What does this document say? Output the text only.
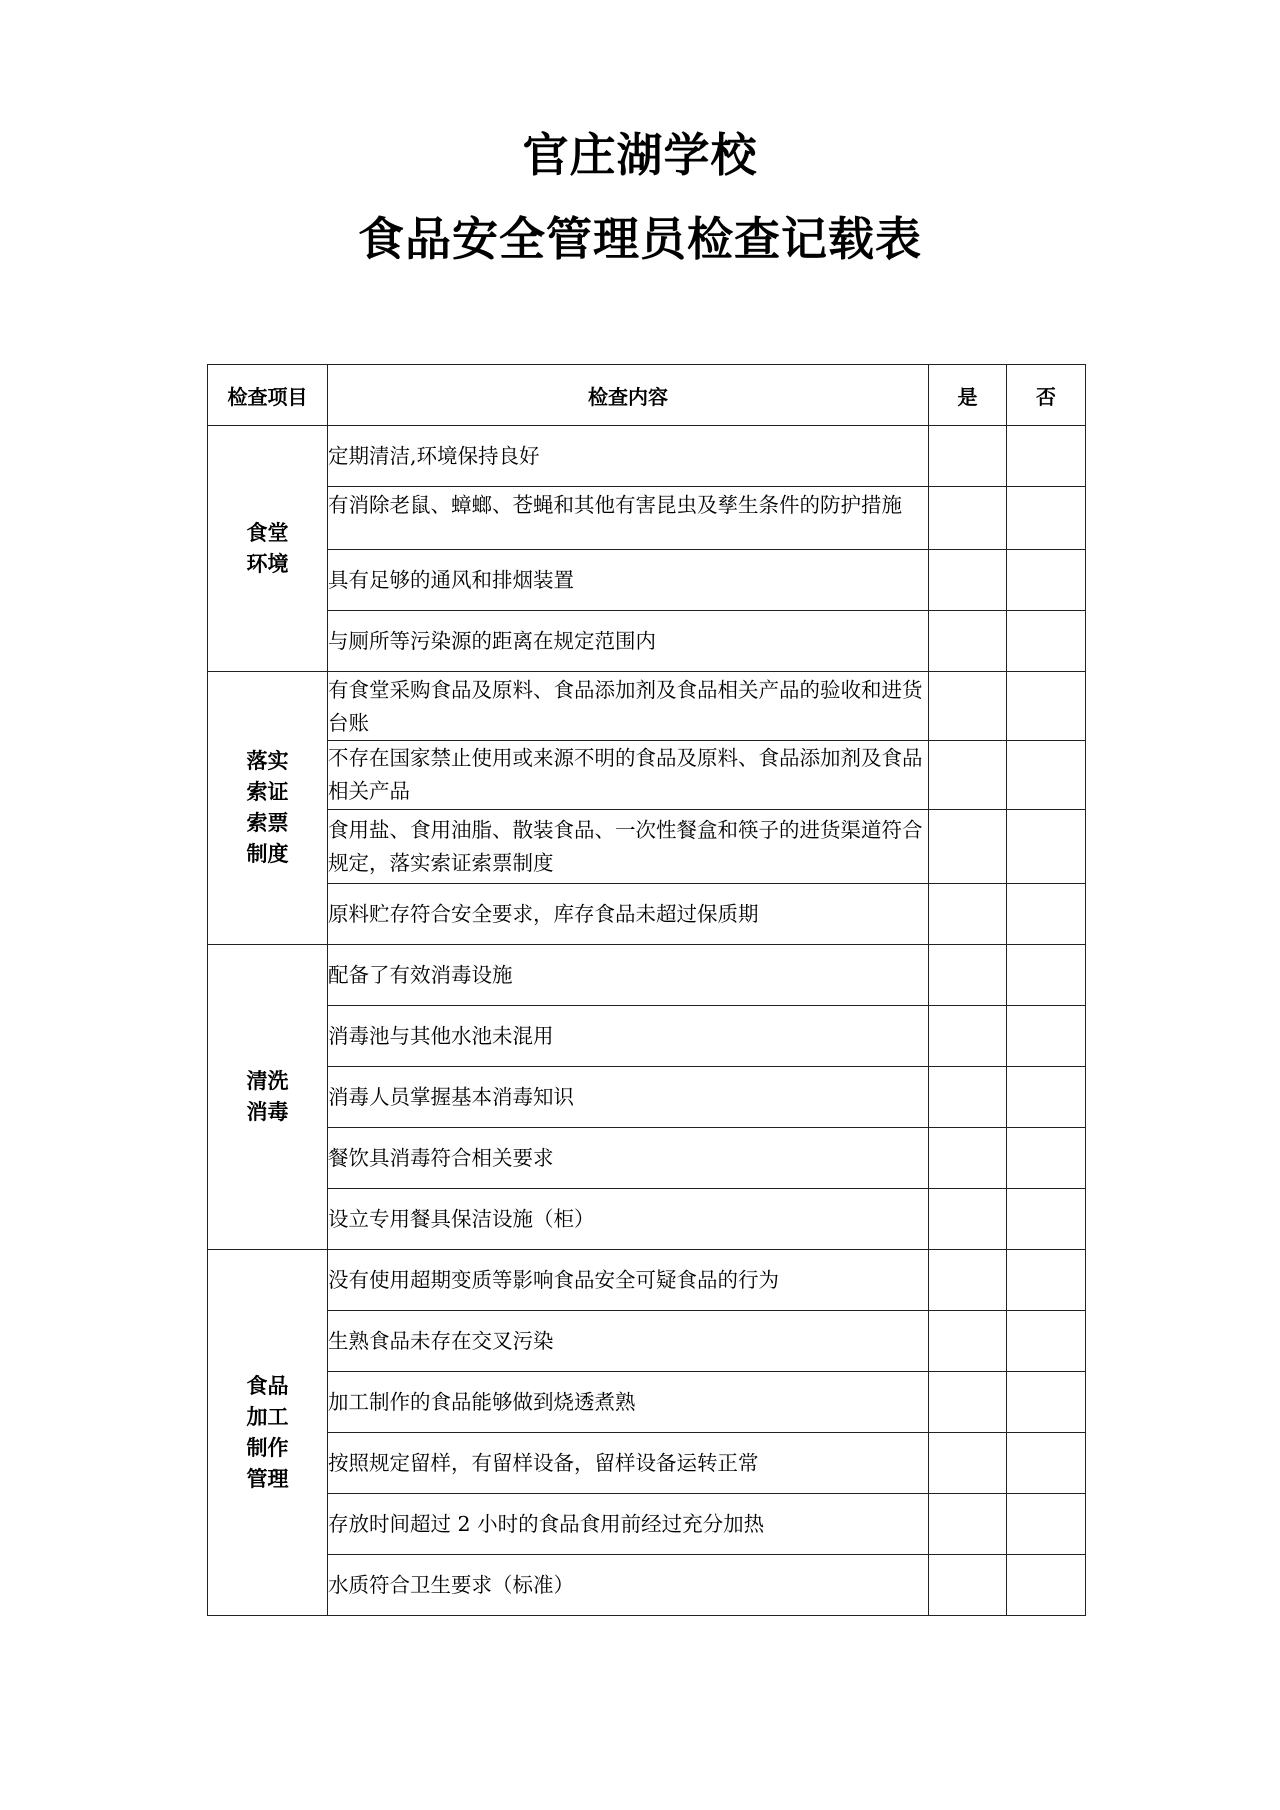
官庄湖学校
食品安全管理员检查记载表
检查项目	检查内容	是	否

食堂
环境	定期清洁,环境保持良好		
	有消除老鼠、蟑螂、苍蝇和其他有害昆虫及孳生条件的防护措施		
	具有足够的通风和排烟装置		
	与厕所等污染源的距离在规定范围内		

落实
索证
索票
制度	有食堂采购食品及原料、食品添加剂及食品相关产品的验收和进货台账		
	不存在国家禁止使用或来源不明的食品及原料、食品添加剂及食品相关产品		
	食用盐、食用油脂、散装食品、一次性餐盒和筷子的进货渠道符合规定，落实索证索票制度		
	原料贮存符合安全要求，库存食品未超过保质期		

清洗
消毒	配备了有效消毒设施		
	消毒池与其他水池未混用		
	消毒人员掌握基本消毒知识		
	餐饮具消毒符合相关要求		
	设立专用餐具保洁设施（柜）		

食品
加工
制作
管理	没有使用超期变质等影响食品安全可疑食品的行为		
	生熟食品未存在交叉污染		
	加工制作的食品能够做到烧透煮熟		
	按照规定留样，有留样设备，留样设备运转正常		
	存放时间超过 2 小时的食品食用前经过充分加热		
	水质符合卫生要求（标准）		
